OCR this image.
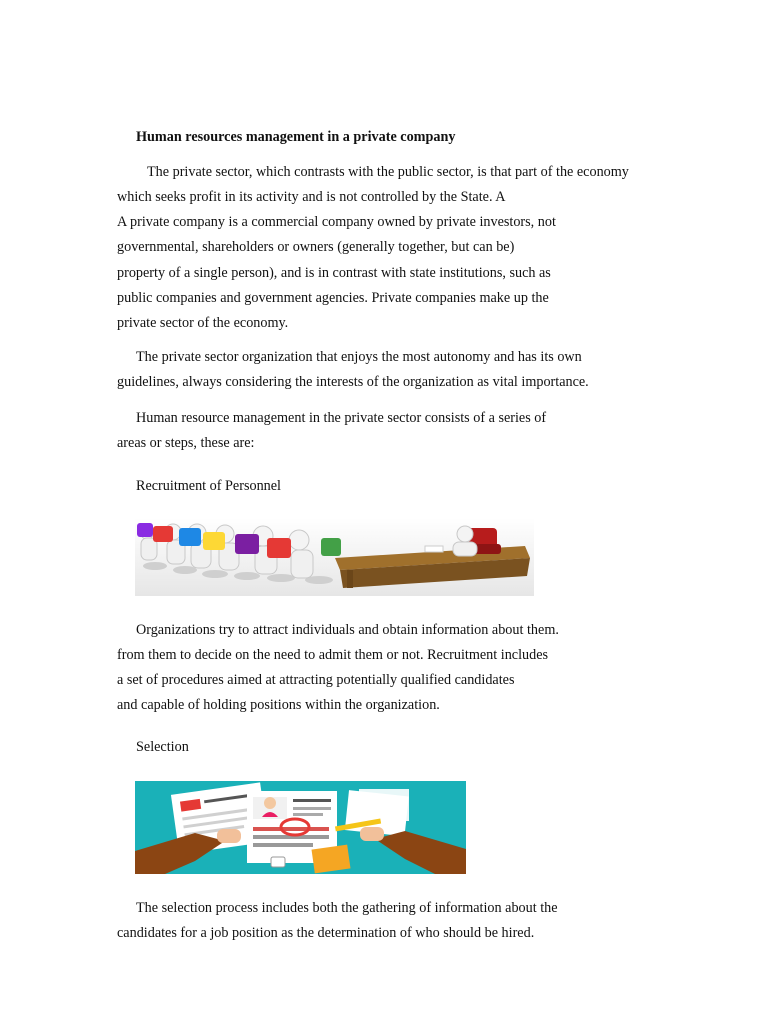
Human resources management in a private company
The private sector, which contrasts with the public sector, is that part of the economy
which seeks profit in its activity and is not controlled by the State. A
A private company is a commercial company owned by private investors, not
governmental, shareholders or owners (generally together, but can be)
property of a single person), and is in contrast with state institutions, such as
public companies and government agencies. Private companies make up the
private sector of the economy.
The private sector organization that enjoys the most autonomy and has its own
guidelines, always considering the interests of the organization as vital importance.
Human resource management in the private sector consists of a series of
areas or steps, these are:
Recruitment of Personnel
Organizations try to attract individuals and obtain information about them.
from them to decide on the need to admit them or not. Recruitment includes
a set of procedures aimed at attracting potentially qualified candidates
and capable of holding positions within the organization.
Selection
The selection process includes both the gathering of information about the
candidates for a job position as the determination of who should be hired.
